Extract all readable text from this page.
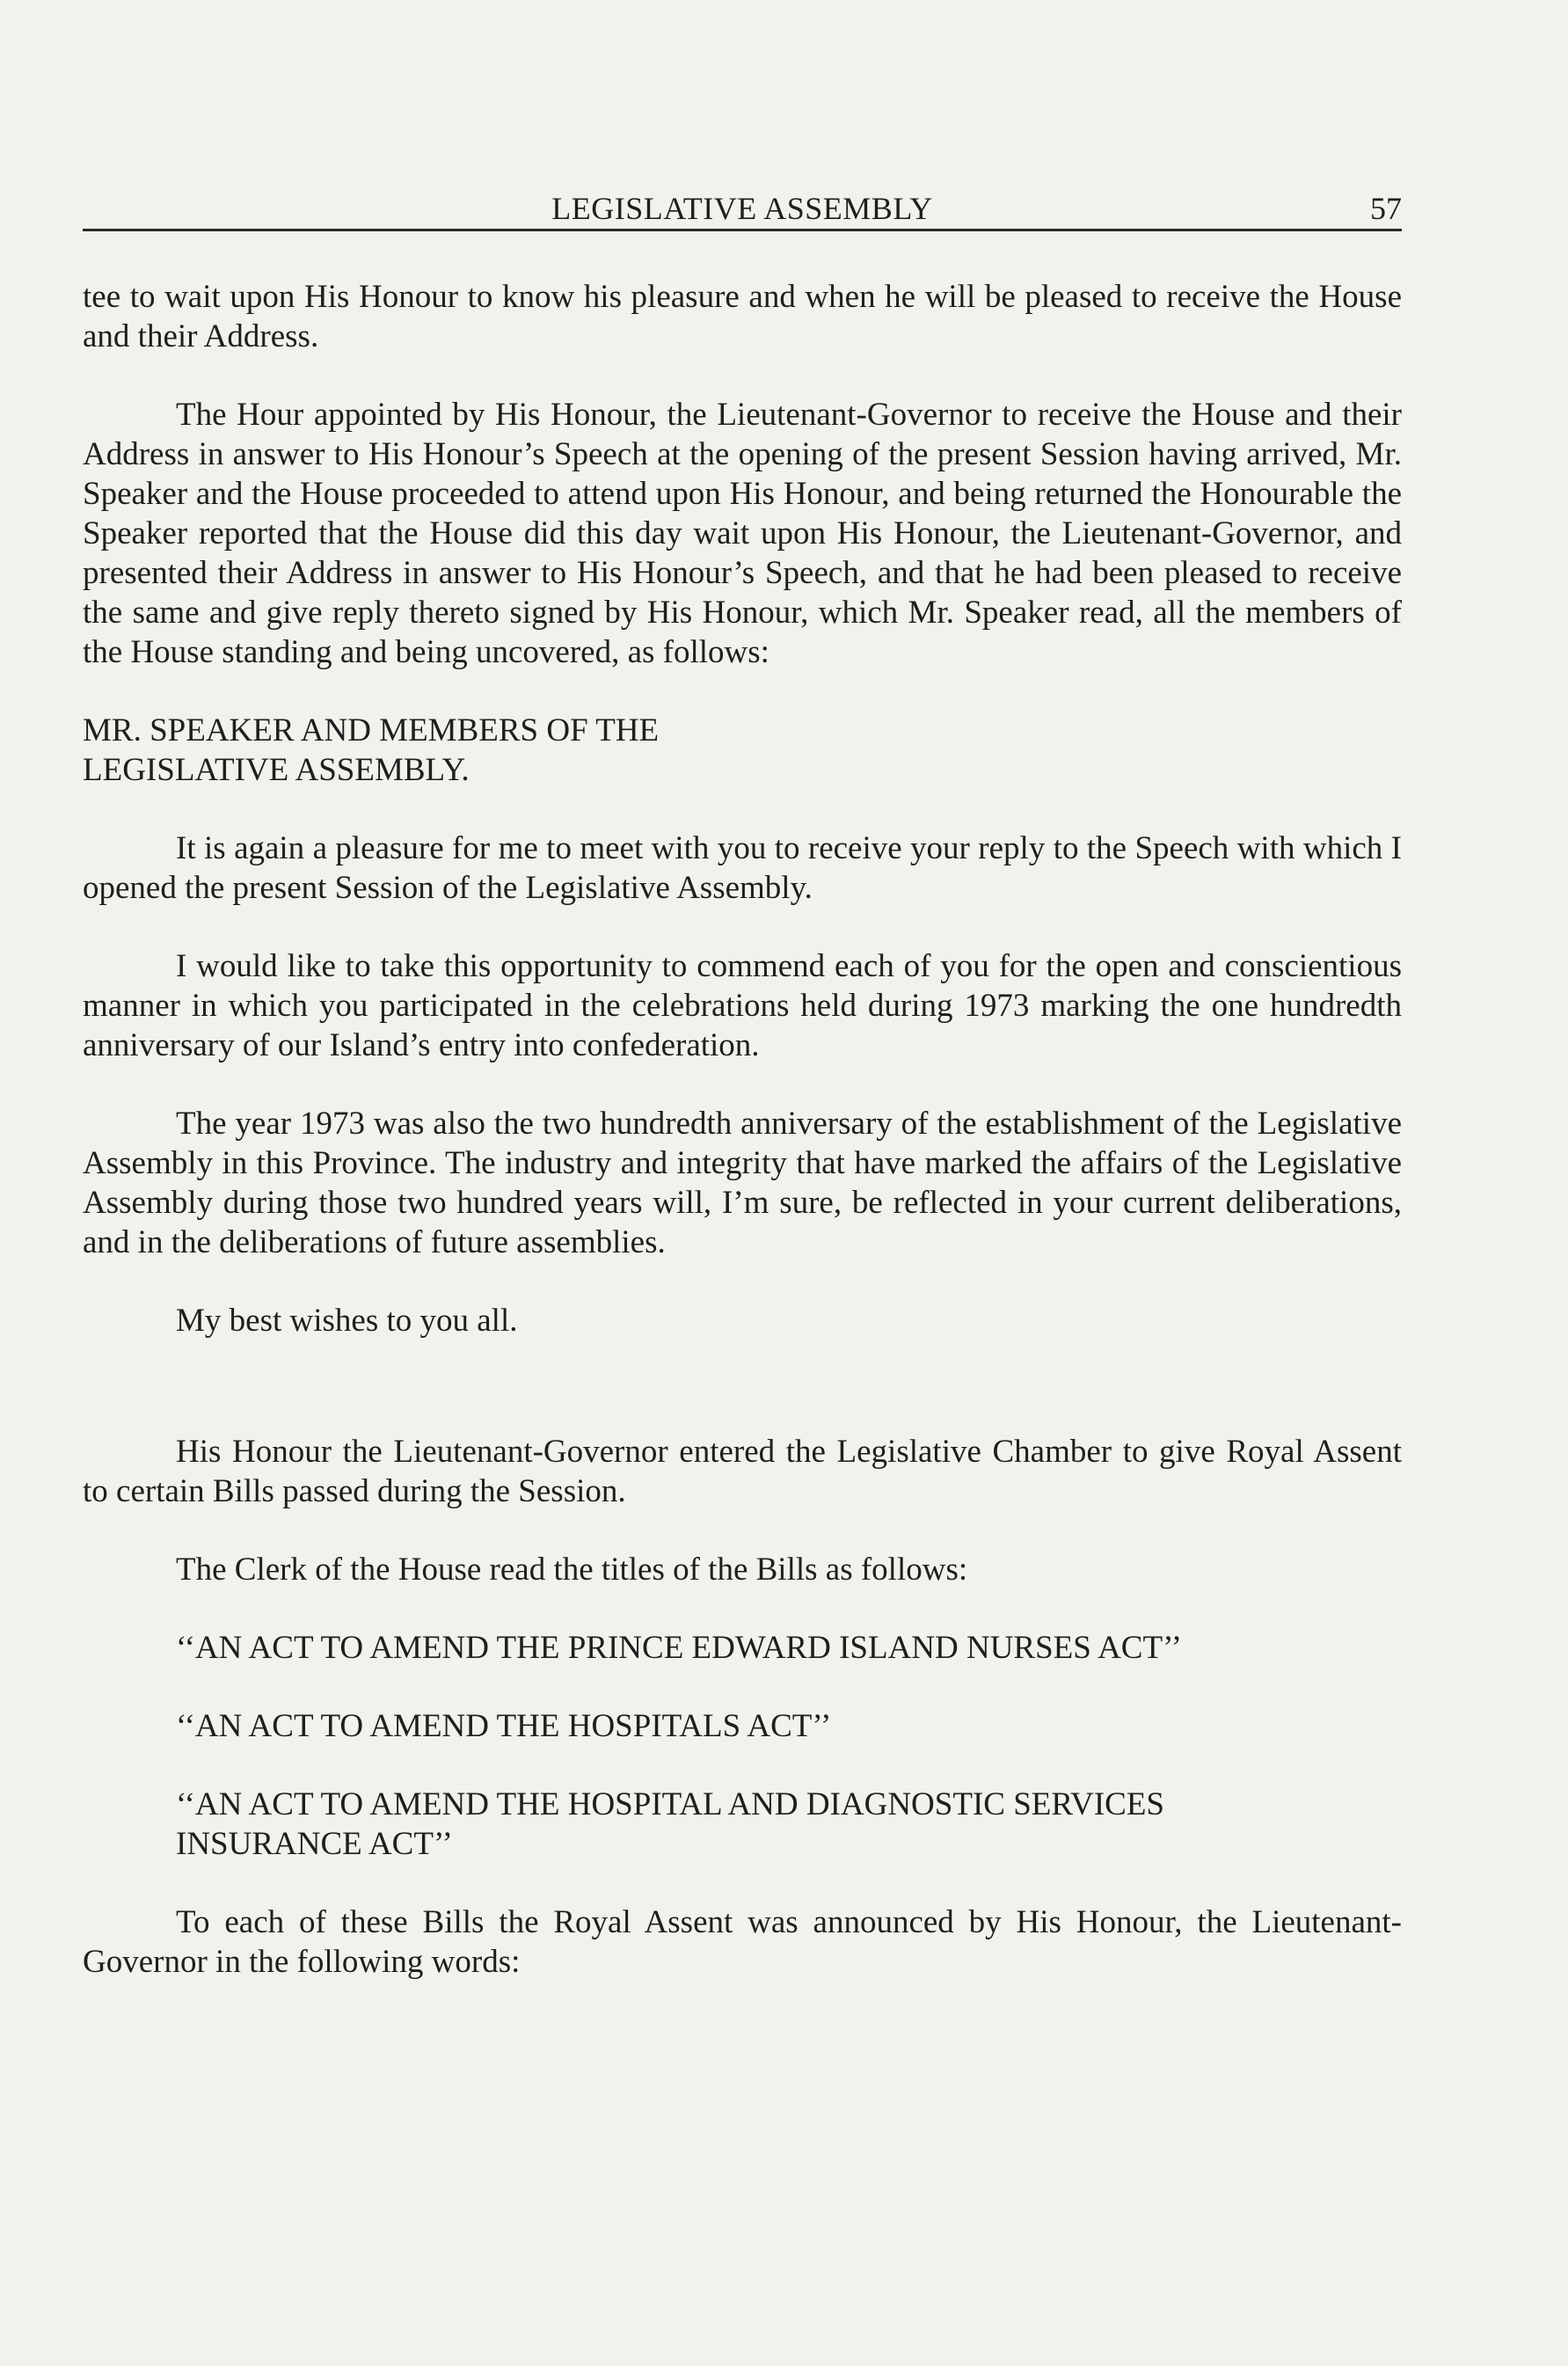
LEGISLATIVE ASSEMBLY	57

tee to wait upon His Honour to know his pleasure and when he will be pleased to receive the House and their Address.

The Hour appointed by His Honour, the Lieutenant-Governor to receive the House and their Address in answer to His Honour’s Speech at the opening of the present Session having arrived, Mr. Speaker and the House proceeded to attend upon His Honour, and being returned the Honourable the Speaker reported that the House did this day wait upon His Honour, the Lieutenant-Governor, and presented their Address in answer to His Honour’s Speech, and that he had been pleased to receive the same and give reply thereto signed by His Honour, which Mr. Speaker read, all the members of the House standing and being uncovered, as follows:

MR. SPEAKER AND MEMBERS OF THE
LEGISLATIVE ASSEMBLY.

It is again a pleasure for me to meet with you to receive your reply to the Speech with which I opened the present Session of the Legislative Assembly.

I would like to take this opportunity to commend each of you for the open and conscientious manner in which you participated in the celebrations held during 1973 marking the one hundredth anniversary of our Island’s entry into confederation.

The year 1973 was also the two hundredth anniversary of the establishment of the Legislative Assembly in this Province. The industry and integrity that have marked the affairs of the Legislative Assembly during those two hundred years will, I’m sure, be reflected in your current deliberations, and in the deliberations of future assemblies.

My best wishes to you all.

His Honour the Lieutenant-Governor entered the Legislative Chamber to give Royal Assent to certain Bills passed during the Session.

The Clerk of the House read the titles of the Bills as follows:

‘‘AN ACT TO AMEND THE PRINCE EDWARD ISLAND NURSES ACT’’
‘‘AN ACT TO AMEND THE HOSPITALS ACT’’
‘‘AN ACT TO AMEND THE HOSPITAL AND DIAGNOSTIC SERVICES INSURANCE ACT’’

To each of these Bills the Royal Assent was announced by His Honour, the Lieutenant-Governor in the following words:
